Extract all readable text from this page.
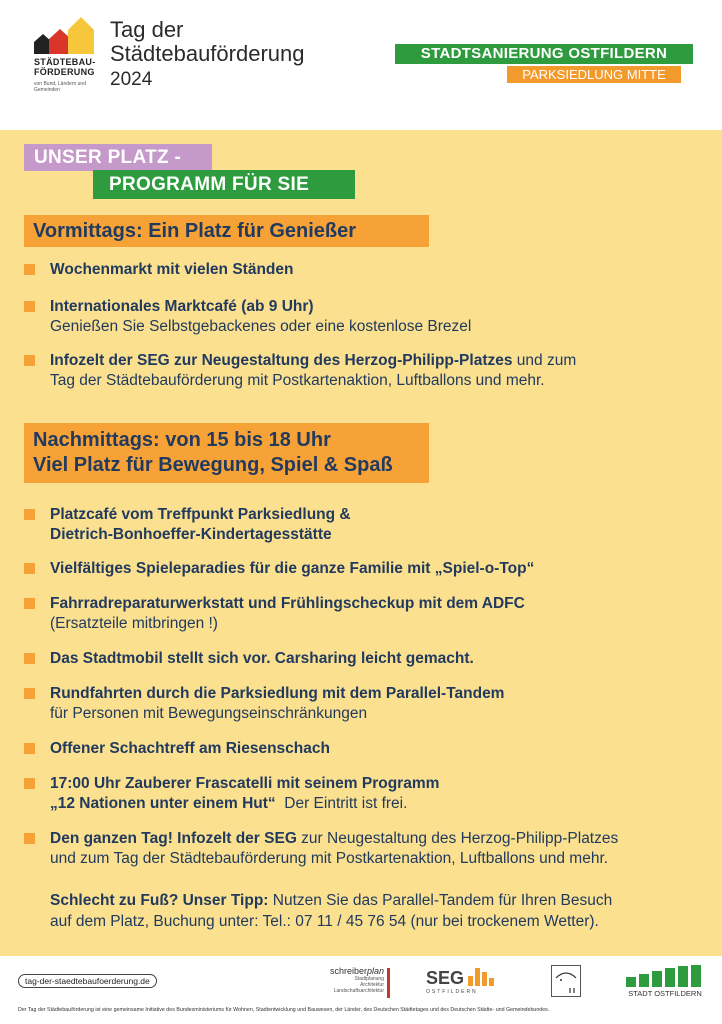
STÄDTEBAU-
FÖRDERUNG
von Bund, Ländern und Gemeinden
Tag der
Städtebauförderung
2024
STADTSANIERUNG OSTFILDERN
PARKSIEDLUNG MITTE
UNSER PLATZ -
PROGRAMM FÜR SIE
Vormittags: Ein Platz für Genießer
Wochenmarkt mit vielen Ständen
Internationales Marktcafé (ab 9 Uhr)
Genießen Sie Selbstgebackenes oder eine kostenlose Brezel
Infozelt der SEG zur Neugestaltung des Herzog-Philipp-Platzes und zum
Tag der Städtebauförderung mit Postkartenaktion, Luftballons und mehr.
Nachmittags: von 15 bis 18 Uhr
Viel Platz für Bewegung, Spiel & Spaß
Platzcafé vom Treffpunkt Parksiedlung &
Dietrich-Bonhoeffer-Kindertagesstätte
Vielfältiges Spieleparadies für die ganze Familie mit „Spiel-o-Top“
Fahrradreparaturwerkstatt und Frühlingscheckup mit dem ADFC
(Ersatzteile mitbringen !)
Das Stadtmobil stellt sich vor. Carsharing leicht gemacht.
Rundfahrten durch die Parksiedlung mit dem Parallel-Tandem
für Personen mit Bewegungseinschränkungen
Offener Schachtreff am Riesenschach
17:00 Uhr Zauberer Frascatelli mit seinem Programm
„12 Nationen unter einem Hut“  Der Eintritt ist frei.
Den ganzen Tag! Infozelt der SEG zur Neugestaltung des Herzog-Philipp-Platzes
und zum Tag der Städtebauförderung mit Postkartenaktion, Luftballons und mehr.
Schlecht zu Fuß? Unser Tipp: Nutzen Sie das Parallel-Tandem für Ihren Besuch
auf dem Platz, Buchung unter: Tel.: 07 11 / 45 76 54 (nur bei trockenem Wetter).
tag-der-staedtebaufoerderung.de
schreiberplan
Stadtplanung
Architektur
Landschaftsarchitektur
SEG
OSTFILDERN	STADT OSTFILDERN
Der Tag der Städtebauförderung ist eine gemeinsame Initiative des Bundesministeriums für Wohnen, Stadtentwicklung und Bauwesen, der Länder, des Deutschen Städtetages und des Deutschen Städte- und Gemeindebundes.
